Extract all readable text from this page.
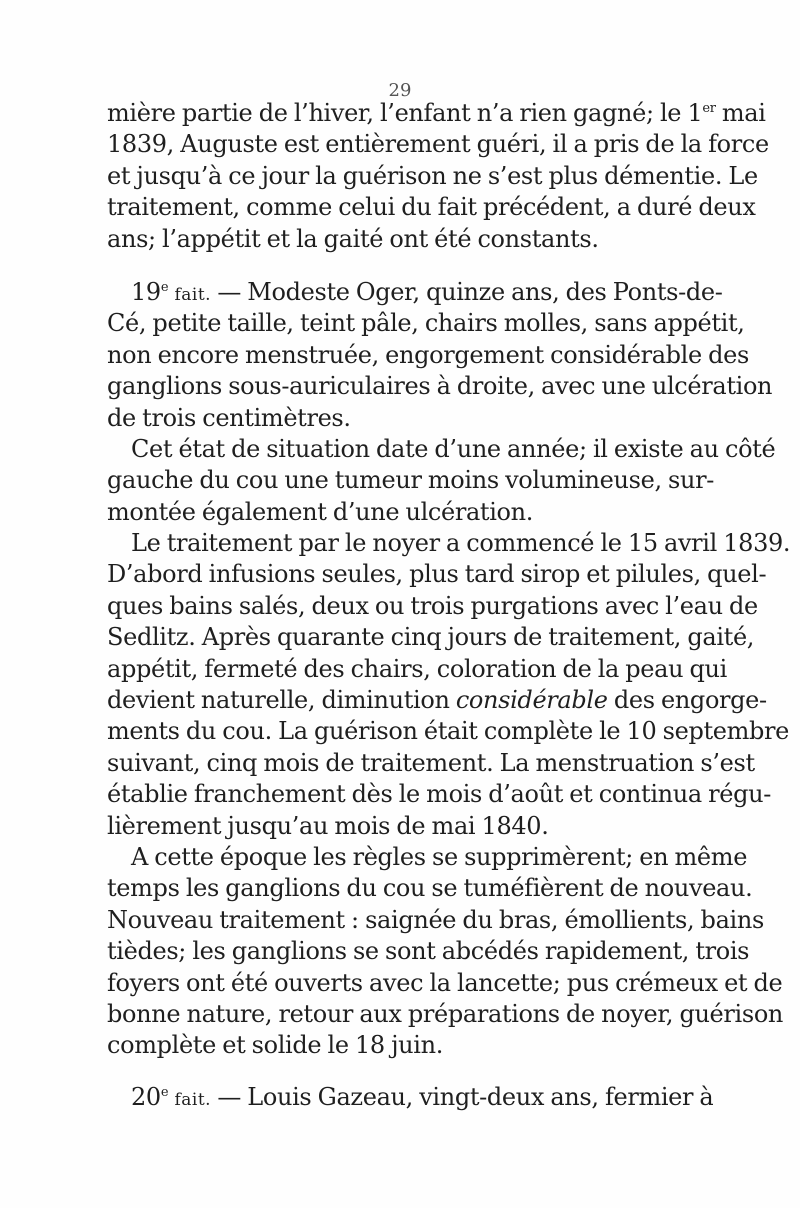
29
mière partie de l’hiver, l’enfant n’a rien gagné; le 1er mai
1839, Auguste est entièrement guéri, il a pris de la force
et jusqu’à ce jour la guérison ne s’est plus démentie. Le
traitement, comme celui du fait précédent, a duré deux
ans; l’appétit et la gaité ont été constants.
19e fait. — Modeste Oger, quinze ans, des Ponts-de-
Cé, petite taille, teint pâle, chairs molles, sans appétit,
non encore menstruée, engorgement considérable des
ganglions sous-auriculaires à droite, avec une ulcération
de trois centimètres.
Cet état de situation date d’une année; il existe au côté
gauche du cou une tumeur moins volumineuse, sur-
montée également d’une ulcération.
Le traitement par le noyer a commencé le 15 avril 1839.
D’abord infusions seules, plus tard sirop et pilules, quel-
ques bains salés, deux ou trois purgations avec l’eau de
Sedlitz. Après quarante cinq jours de traitement, gaité,
appétit, fermeté des chairs, coloration de la peau qui
devient naturelle, diminution considérable des engorge-
ments du cou. La guérison était complète le 10 septembre
suivant, cinq mois de traitement. La menstruation s’est
établie franchement dès le mois d’août et continua régu-
lièrement jusqu’au mois de mai 1840.
A cette époque les règles se supprimèrent; en même
temps les ganglions du cou se tuméfièrent de nouveau.
Nouveau traitement : saignée du bras, émollients, bains
tièdes; les ganglions se sont abcédés rapidement, trois
foyers ont été ouverts avec la lancette; pus crémeux et de
bonne nature, retour aux préparations de noyer, guérison
complète et solide le 18 juin.
20e fait. — Louis Gazeau, vingt-deux ans, fermier à
